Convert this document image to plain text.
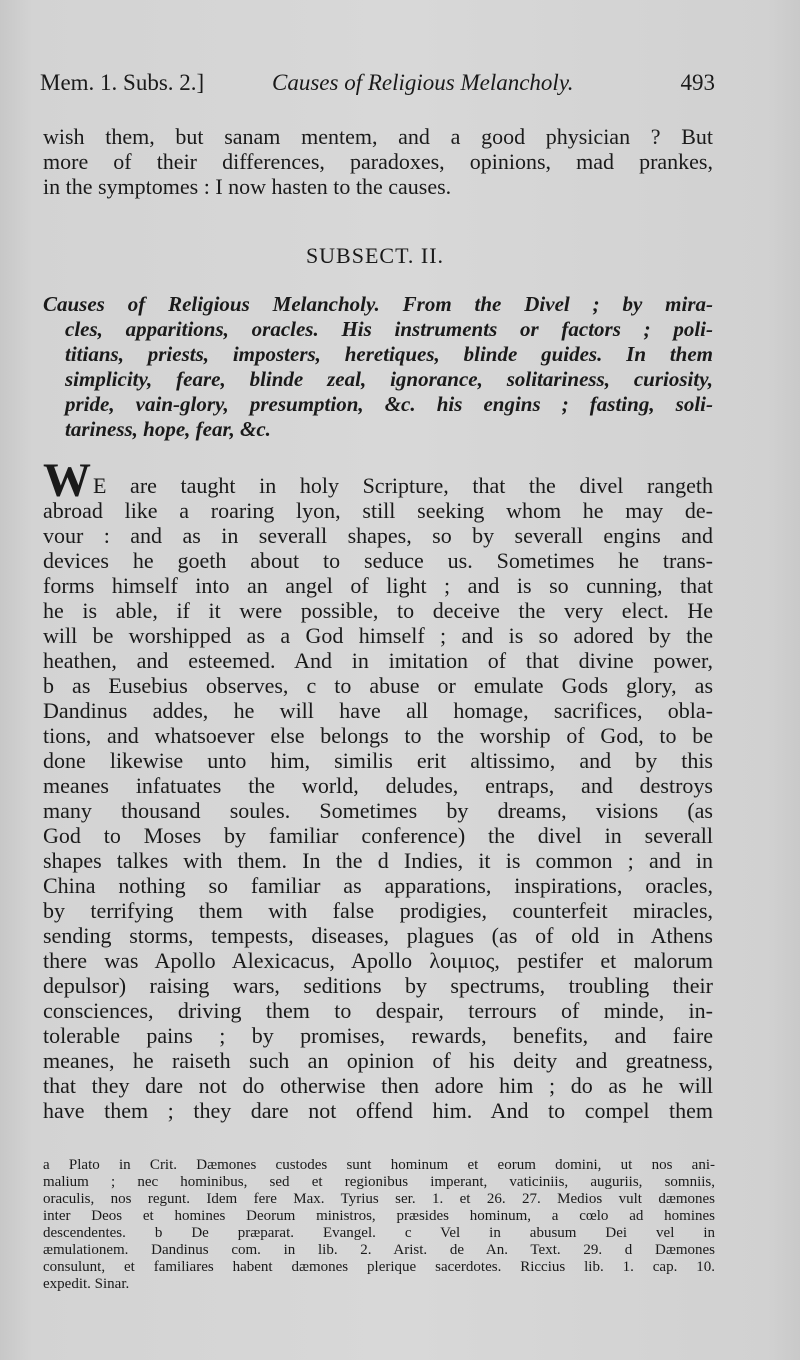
Mem. 1. Subs. 2.]	Causes of Religious Melancholy.	493
wish them, but sanam mentem, and a good physician ? But
more of their differences, paradoxes, opinions, mad prankes,
in the symptomes : I now hasten to the causes.
SUBSECT. II.
Causes of Religious Melancholy. From the Divel ; by mira-
cles, apparitions, oracles. His instruments or factors ; poli-
titians, priests, imposters, heretiques, blinde guides. In them
simplicity, feare, blinde zeal, ignorance, solitariness, curiosity,
pride, vain-glory, presumption, &c. his engins ; fasting, soli-
tariness, hope, fear, &c.
W E are taught in holy Scripture, that the divel rangeth
abroad like a roaring lyon, still seeking whom he may de-
vour : and as in severall shapes, so by severall engins and
devices he goeth about to seduce us. Sometimes he trans-
forms himself into an angel of light ; and is so cunning, that
he is able, if it were possible, to deceive the very elect. He
will be worshipped as a God himself ; and is so adored by the
heathen, and esteemed. And in imitation of that divine power,
b as Eusebius observes, c to abuse or emulate Gods glory, as
Dandinus addes, he will have all homage, sacrifices, obla-
tions, and whatsoever else belongs to the worship of God, to be
done likewise unto him, similis erit altissimo, and by this
meanes infatuates the world, deludes, entraps, and destroys
many thousand soules. Sometimes by dreams, visions (as
God to Moses by familiar conference) the divel in severall
shapes talkes with them. In the d Indies, it is common ; and in
China nothing so familiar as apparations, inspirations, oracles,
by terrifying them with false prodigies, counterfeit miracles,
sending storms, tempests, diseases, plagues (as of old in Athens
there was Apollo Alexicacus, Apollo λοιμιος, pestifer et malorum
depulsor) raising wars, seditions by spectrums, troubling their
consciences, driving them to despair, terrours of minde, in-
tolerable pains ; by promises, rewards, benefits, and faire
meanes, he raiseth such an opinion of his deity and greatness,
that they dare not do otherwise then adore him ; do as he will
have them ; they dare not offend him. And to compel them
a Plato in Crit. Dæmones custodes sunt hominum et eorum domini, ut nos ani-
malium ; nec hominibus, sed et regionibus imperant, vaticiniis, auguriis, somniis,
oraculis, nos regunt. Idem fere Max. Tyrius ser. 1. et 26. 27. Medios vult dæmones
inter Deos et homines Deorum ministros, præsides hominum, a cœlo ad homines
descendentes. b De præparat. Evangel. c Vel in abusum Dei vel in
æmulationem. Dandinus com. in lib. 2. Arist. de An. Text. 29. d Dæmones
consulunt, et familiares habent dæmones plerique sacerdotes. Riccius lib. 1. cap. 10.
expedit. Sinar.
